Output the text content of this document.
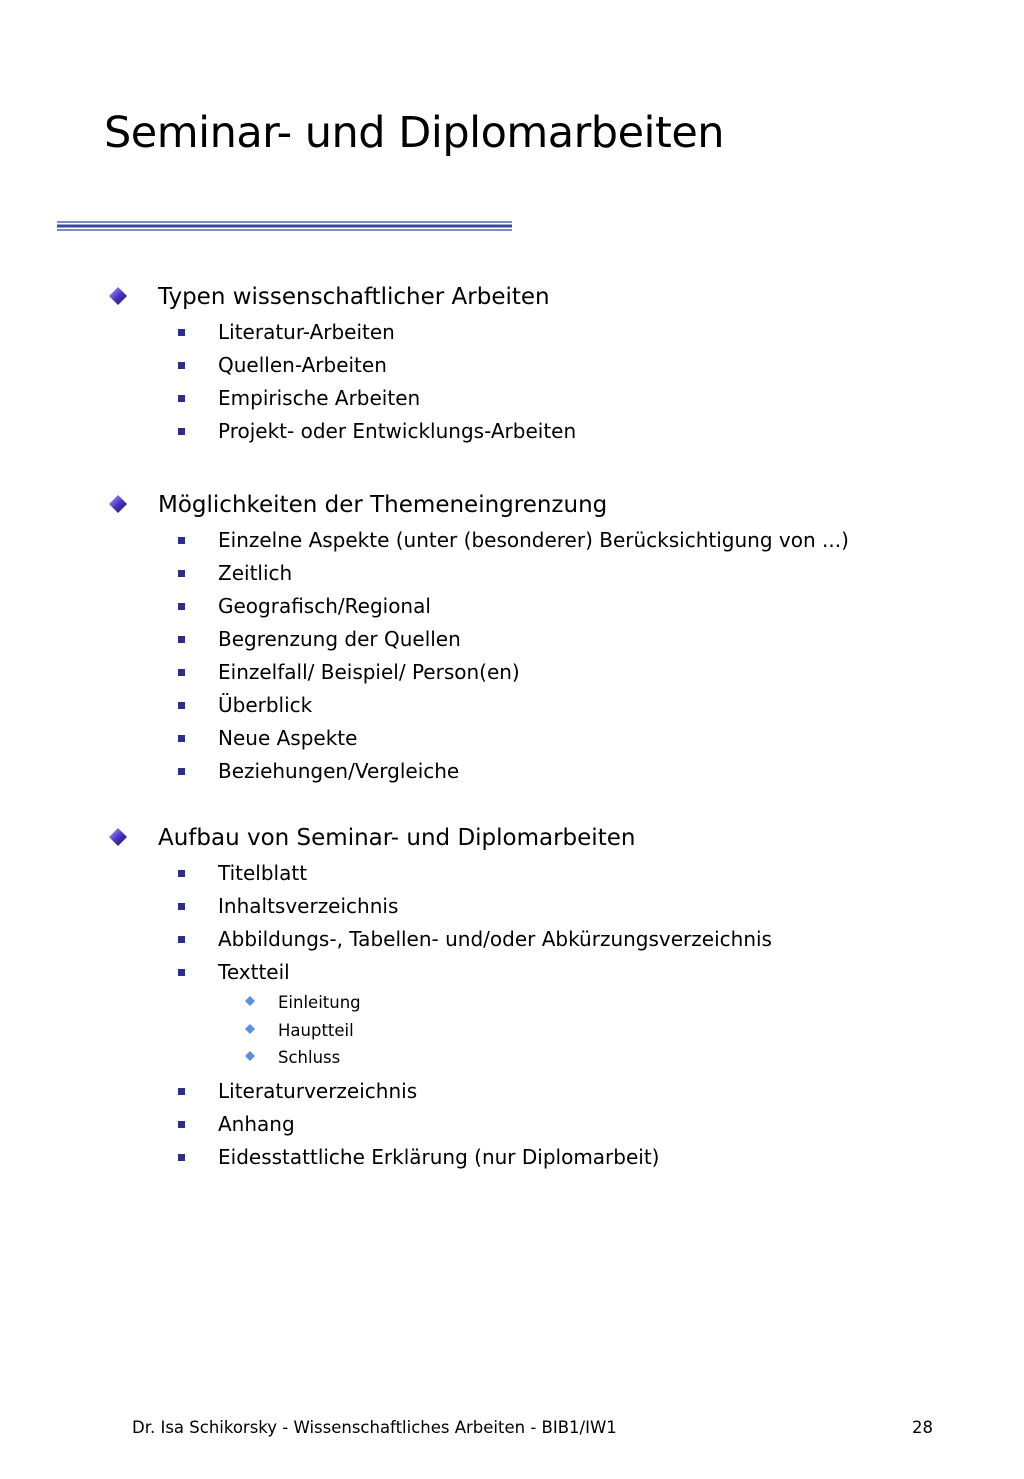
Seminar- und Diplomarbeiten
Typen wissenschaftlicher Arbeiten
Literatur-Arbeiten
Quellen-Arbeiten
Empirische Arbeiten
Projekt- oder Entwicklungs-Arbeiten
Möglichkeiten der Themeneingrenzung
Einzelne Aspekte (unter (besonderer) Berücksichtigung von ...)
Zeitlich
Geografisch/Regional
Begrenzung der Quellen
Einzelfall/ Beispiel/ Person(en)
Überblick
Neue Aspekte
Beziehungen/Vergleiche
Aufbau von Seminar- und Diplomarbeiten
Titelblatt
Inhaltsverzeichnis
Abbildungs-, Tabellen- und/oder Abkürzungsverzeichnis
Textteil
Einleitung
Hauptteil
Schluss
Literaturverzeichnis
Anhang
Eidesstattliche Erklärung (nur Diplomarbeit)
Dr. Isa Schikorsky - Wissenschaftliches Arbeiten - BIB1/IW1	28
